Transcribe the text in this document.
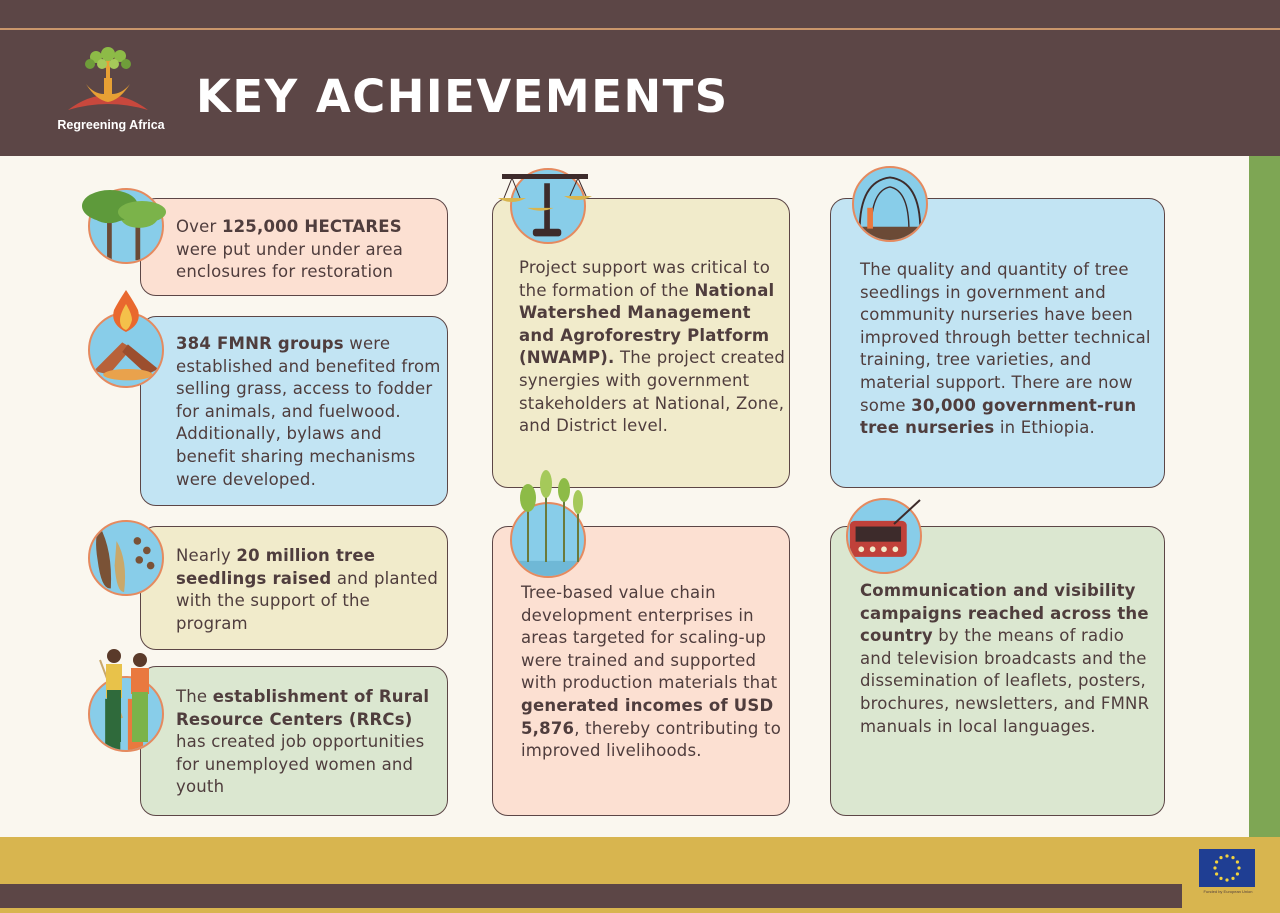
Regreening Africa
KEY ACHIEVEMENTS
Over 125,000 HECTARES were put under under area enclosures for restoration
384 FMNR groups were established and benefited from selling grass, access to fodder for animals, and fuelwood. Additionally, bylaws and benefit sharing mechanisms were developed.
Nearly 20 million tree seedlings raised and planted with the support of the program
The establishment of Rural Resource Centers (RRCs) has created job opportunities for unemployed women and youth
Project support was critical to the formation of the National Watershed Management and Agroforestry Platform (NWAMP). The project created synergies with government stakeholders at National, Zone, and District level.
Tree-based value chain development enterprises in areas targeted for scaling-up were trained and supported with production materials that generated incomes of USD 5,876, thereby contributing to improved livelihoods.
The quality and quantity of tree seedlings in government and community nurseries have been improved through better technical training, tree varieties, and material support. There are now some 30,000 government-run tree nurseries in Ethiopia.
Communication and visibility campaigns reached across the country by the means of radio and television broadcasts and the dissemination of leaflets, posters, brochures, newsletters, and FMNR manuals in local languages.
Funded by European Union
